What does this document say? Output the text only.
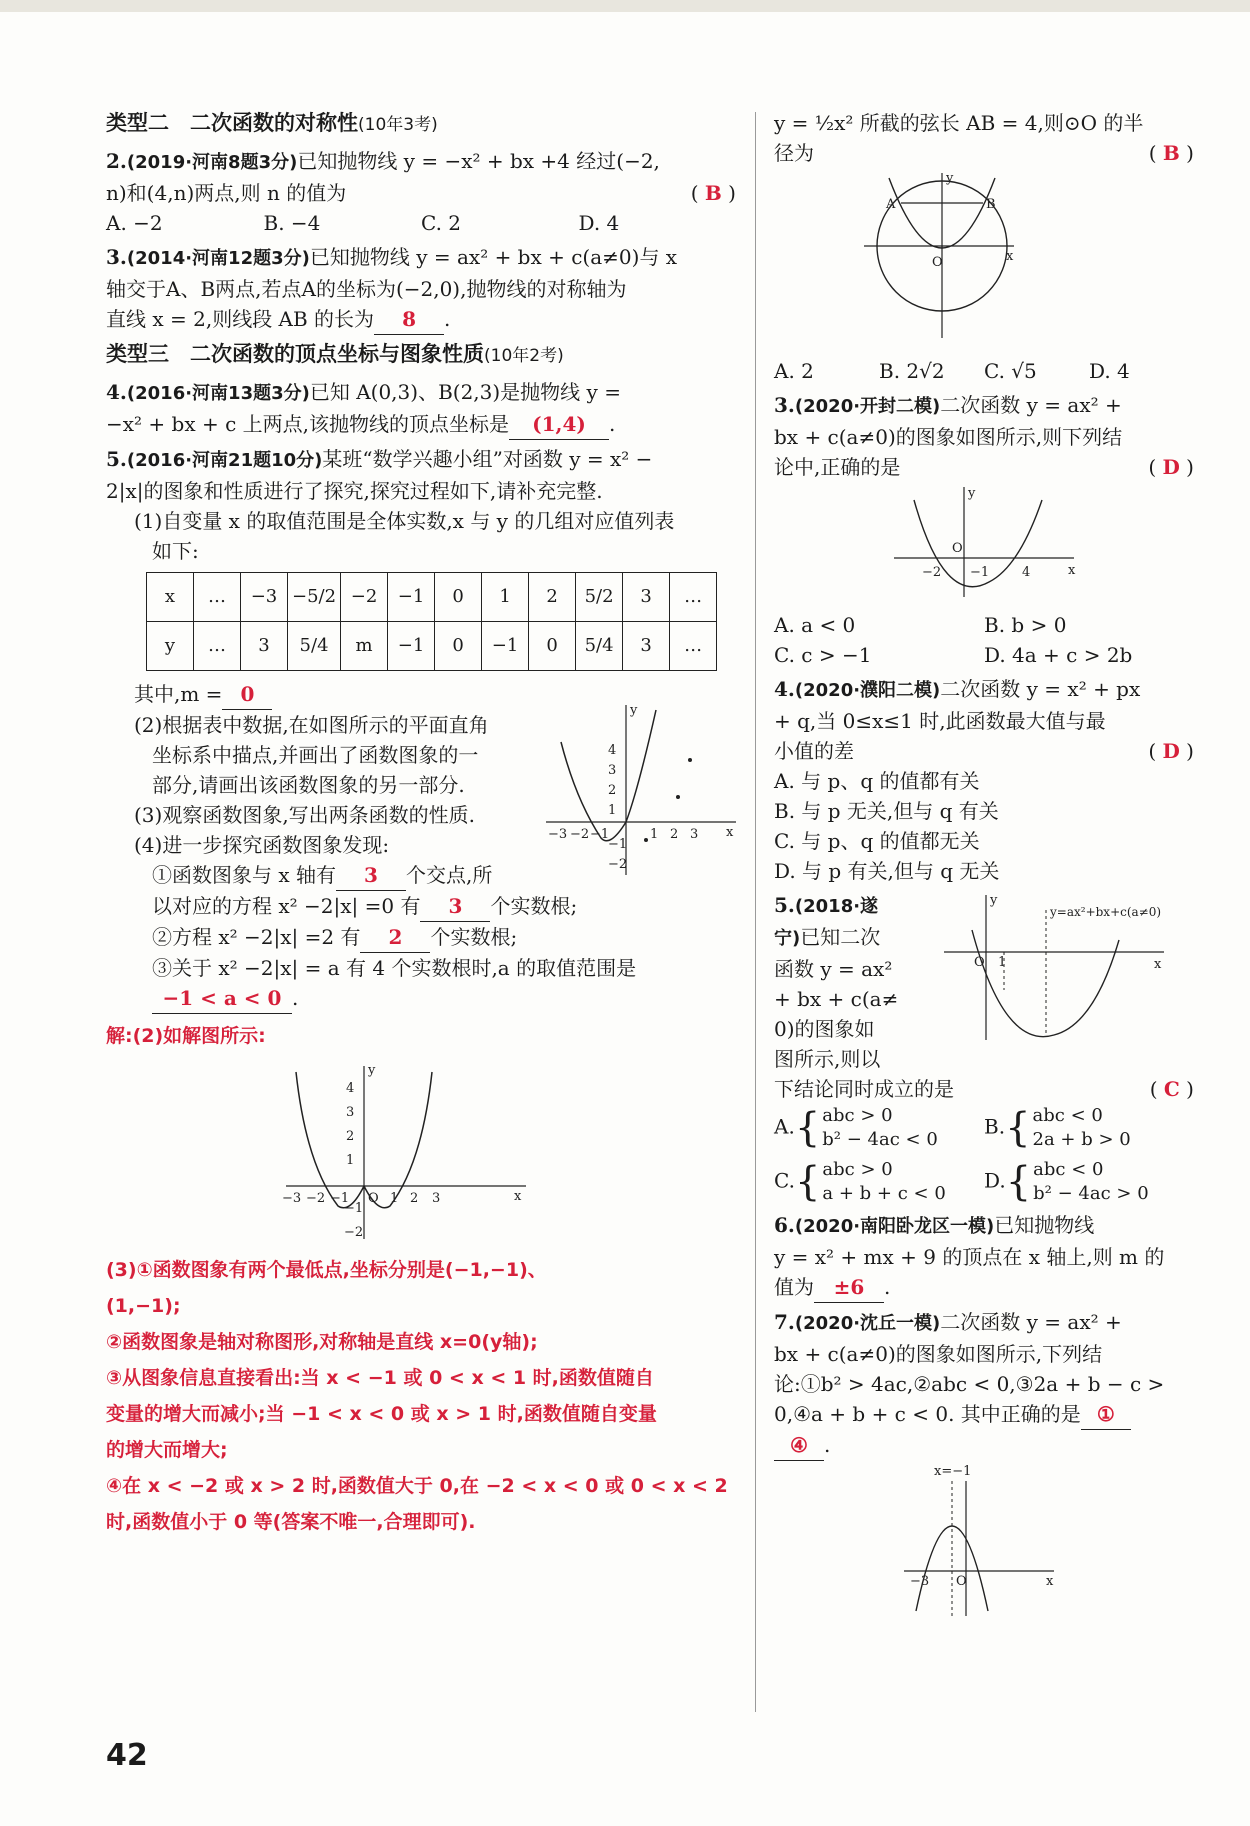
类型二　二次函数的对称性(10年3考)
2.(2019·河南8题3分)已知抛物线 y = −x² + bx +4 经过(−2,
n)和(4,n)两点,则 n 的值为	( B )
A. −2	B. −4	C. 2	D. 4
3.(2014·河南12题3分)已知抛物线 y = ax² + bx + c(a≠0)与 x
轴交于A、B两点,若点A的坐标为(−2,0),抛物线的对称轴为
直线 x = 2,则线段 AB 的长为 8 .
类型三　二次函数的顶点坐标与图象性质(10年2考)
4.(2016·河南13题3分)已知 A(0,3)、B(2,3)是抛物线 y =
−x² + bx + c 上两点,该抛物线的顶点坐标是 (1,4) .
5.(2016·河南21题10分)某班“数学兴趣小组”对函数 y = x² −
2|x|的图象和性质进行了探究,探究过程如下,请补充完整.
(1)自变量 x 的取值范围是全体实数,x 与 y 的几组对应值列表
如下:
x	…	−3	−5/2	−2	−1	0	1	2	5/2	3	…
y	…	3	5/4	m	−1	0	−1	0	5/4	3	…
其中,m = 0
(2)根据表中数据,在如图所示的平面直角
坐标系中描点,并画出了函数图象的一
部分,请画出该函数图象的另一部分.
(3)观察函数图象,写出两条函数的性质.
(4)进一步探究函数图象发现:
x
y
4
3
2
1
−3 −2 −1	1 2 3
−1
−2
①函数图象与 x 轴有 3 个交点,所
以对应的方程 x² −2|x| =0 有 3 个实数根;
②方程 x² −2|x| =2 有 2 个实数根;
③关于 x² −2|x| = a 有 4 个实数根时,a 的取值范围是
−1 < a < 0 .
解:(2)如解图所示:
x
y
4
3
2
1
−3 −2 −1 O 1 2 3
−1
−2
(3)①函数图象有两个最低点,坐标分别是(−1,−1)、
(1,−1);
②函数图象是轴对称图形,对称轴是直线 x=0(y轴);
③从图象信息直接看出:当 x < −1 或 0 < x < 1 时,函数值随自
变量的增大而减小;当 −1 < x < 0 或 x > 1 时,函数值随自变量
的增大而增大;
④在 x < −2 或 x > 2 时,函数值大于 0,在 −2 < x < 0 或 0 < x < 2
时,函数值小于 0 等(答案不唯一,合理即可).
y = ½x² 所截的弦长 AB = 4,则⊙O 的半
径为	( B )
A	B
O	x
y
A. 2	B. 2√2	C. √5	D. 4
3.(2020·开封二模)二次函数 y = ax² +
bx + c(a≠0)的图象如图所示,则下列结
论中,正确的是	( D )
y
x
O
−2 −1	4
A. a < 0	B. b > 0
C. c > −1	D. 4a + c > 2b
4.(2020·濮阳二模)二次函数 y = x² + px
+ q,当 0≤x≤1 时,此函数最大值与最
小值的差	( D )
A. 与 p、q 的值都有关
B. 与 p 无关,但与 q 有关
C. 与 p、q 的值都无关
D. 与 p 有关,但与 q 无关
5.(2018·遂
宁)已知二次
函数 y = ax²
+ bx + c(a≠
0)的图象如
图所示,则以
下结论同时成立的是	( C )
y
x
O 1
y=ax²+bx+c(a≠0)
A. { abc > 0
b² − 4ac < 0
B. { abc < 0
2a + b > 0
C. { abc > 0
a + b + c < 0
D. { abc < 0
b² − 4ac > 0
6.(2020·南阳卧龙区一模)已知抛物线
y = x² + mx + 9 的顶点在 x 轴上,则 m 的
值为 ±6 .
7.(2020·沈丘一模)二次函数 y = ax² +
bx + c(a≠0)的图象如图所示,下列结
论:①b² > 4ac,②abc < 0,③2a + b − c >
0,④a + b + c < 0. 其中正确的是 ①
④ .
x=−1
−3 O	x
42
